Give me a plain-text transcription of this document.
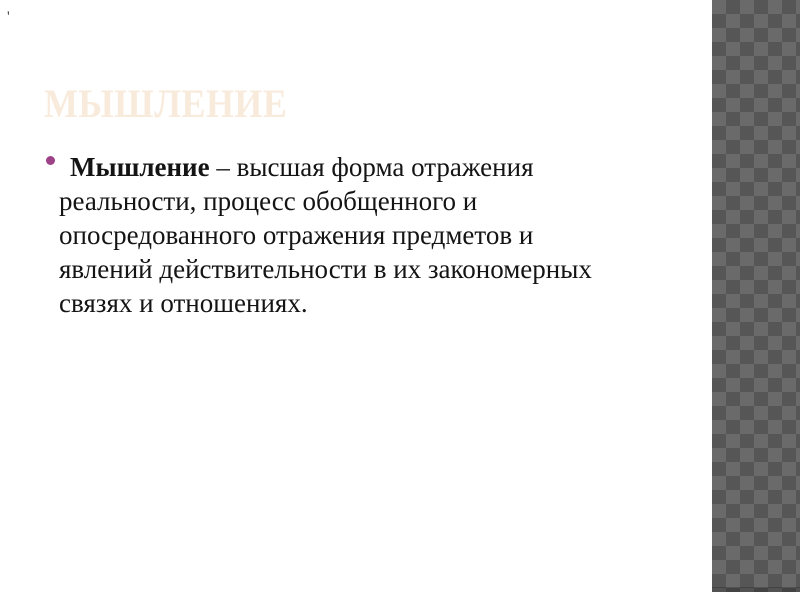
'
МЫШЛЕНИЕ
Мышление – высшая форма отражения
реальности, процесс обобщенного и
опосредованного отражения предметов и
явлений действительности в их закономерных
связях и отношениях.
